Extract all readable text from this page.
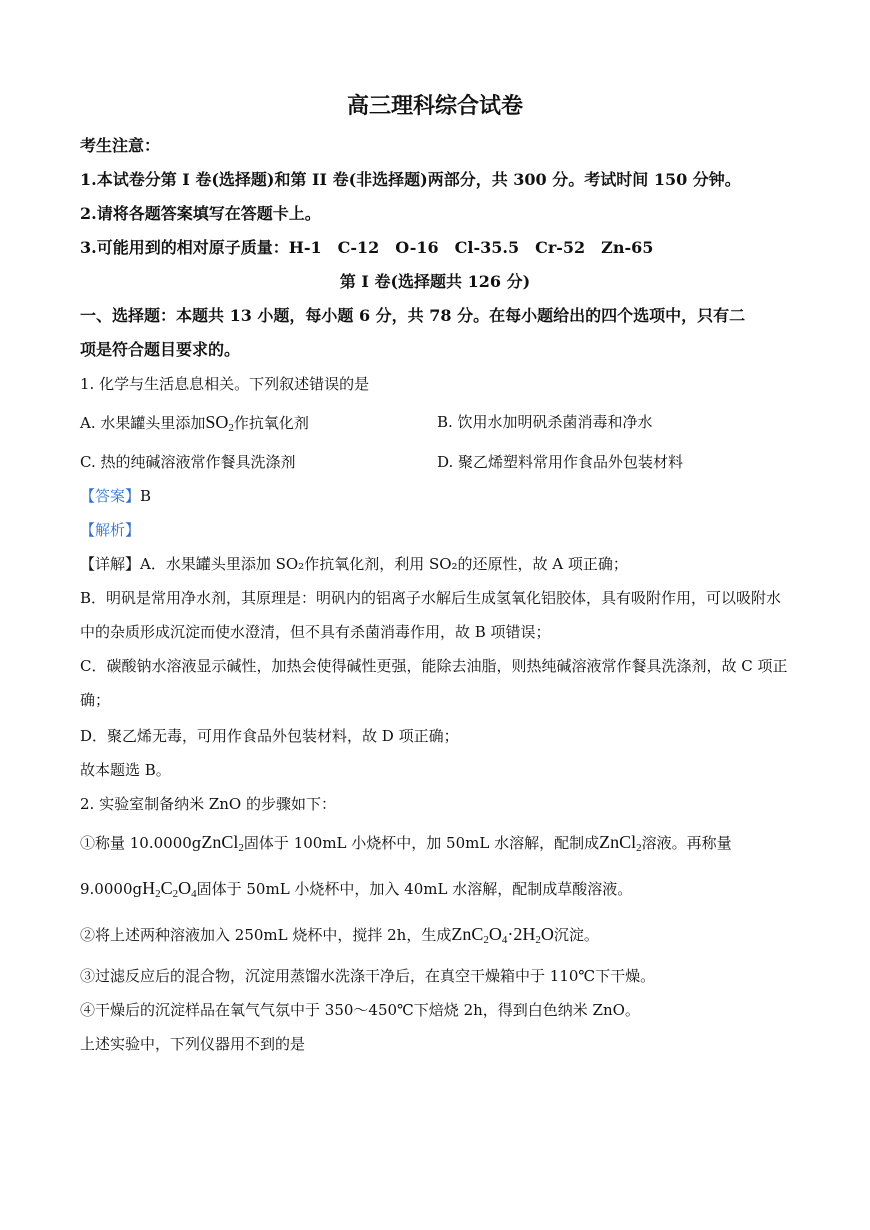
高三理科综合试卷
考生注意：
1.本试卷分第 I 卷(选择题)和第 II 卷(非选择题)两部分，共 300 分。考试时间 150 分钟。
2.请将各题答案填写在答题卡上。
3.可能用到的相对原子质量：H-1　C-12　O-16　Cl-35.5　Cr-52　Zn-65
第 I 卷(选择题共 126 分)
一、选择题：本题共 13 小题，每小题 6 分，共 78 分。在每小题给出的四个选项中，只有二
项是符合题目要求的。
1. 化学与生活息息相关。下列叙述错误的是
A. 水果罐头里添加$SO_2$作抗氧化剂	B. 饮用水加明矾杀菌消毒和净水
C. 热的纯碱溶液常作餐具洗涤剂	D. 聚乙烯塑料常用作食品外包装材料
【答案】B
【解析】
【详解】A．水果罐头里添加 SO₂作抗氧化剂，利用 SO₂的还原性，故 A 项正确；
B．明矾是常用净水剂，其原理是：明矾内的铝离子水解后生成氢氧化铝胶体，具有吸附作用，可以吸附水
中的杂质形成沉淀而使水澄清，但不具有杀菌消毒作用，故 B 项错误；
C．碳酸钠水溶液显示碱性，加热会使得碱性更强，能除去油脂，则热纯碱溶液常作餐具洗涤剂，故 C 项正
确；
D．聚乙烯无毒，可用作食品外包装材料，故 D 项正确；
故本题选 B。
2. 实验室制备纳米 ZnO 的步骤如下：
①称量 10.0000gZnCl$_2$固体于 100mL 小烧杯中，加 50mL 水溶解，配制成ZnCl$_2$溶液。再称量
$9.0000gH_2C_2O_4$固体于 50mL 小烧杯中，加入 40mL 水溶解，配制成草酸溶液。
②将上述两种溶液加入 250mL 烧杯中，搅拌 2h，生成$ZnC_2O_4\cdot 2H_2O$沉淀。
③过滤反应后的混合物，沉淀用蒸馏水洗涤干净后，在真空干燥箱中于 110℃下干燥。
④干燥后的沉淀样品在氧气气氛中于 350～450℃下焙烧 2h，得到白色纳米 ZnO。
上述实验中，下列仪器用不到的是
